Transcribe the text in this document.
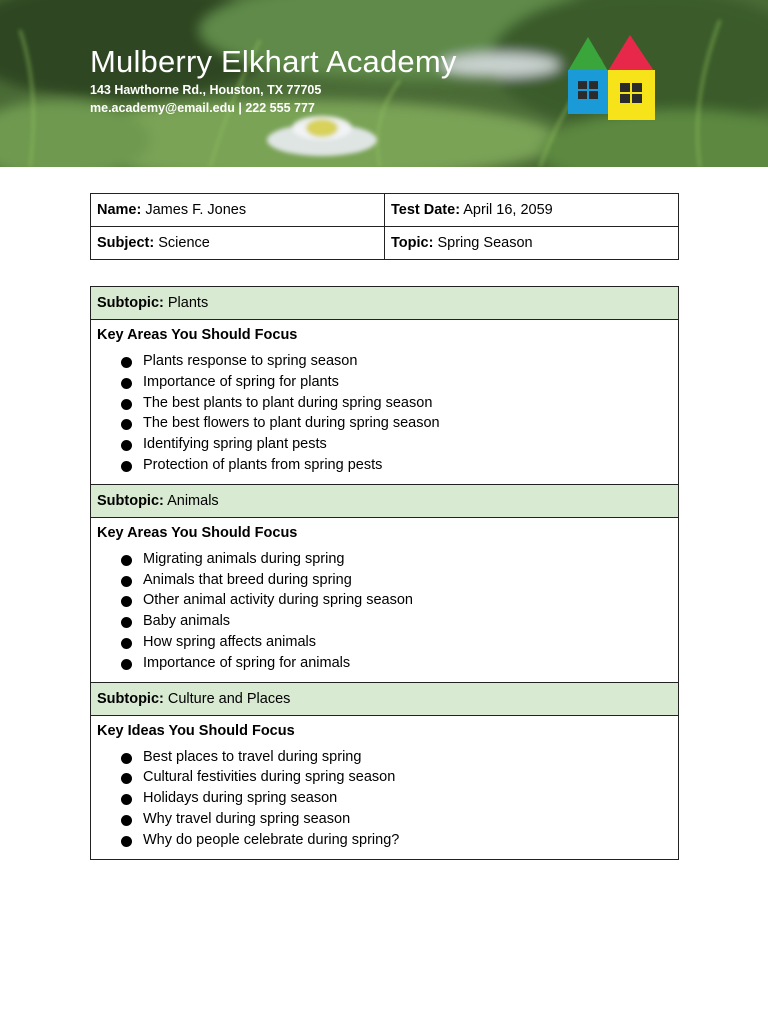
Mulberry Elkhart Academy
143 Hawthorne Rd., Houston, TX 77705
me.academy@email.edu | 222 555 777
Name: James F. Jones	Test Date: April 16, 2059
Subject: Science	Topic: Spring Season
Subtopic: Plants
Key Areas You Should Focus
Plants response to spring season
Importance of spring for plants
The best plants to plant during spring season
The best flowers to plant during spring season
Identifying spring plant pests
Protection of plants from spring pests
Subtopic: Animals
Key Areas You Should Focus
Migrating animals during spring
Animals that breed during spring
Other animal activity during spring season
Baby animals
How spring affects animals
Importance of spring for animals
Subtopic: Culture and Places
Key Ideas You Should Focus
Best places to travel during spring
Cultural festivities during spring season
Holidays during spring season
Why travel during spring season
Why do people celebrate during spring?
